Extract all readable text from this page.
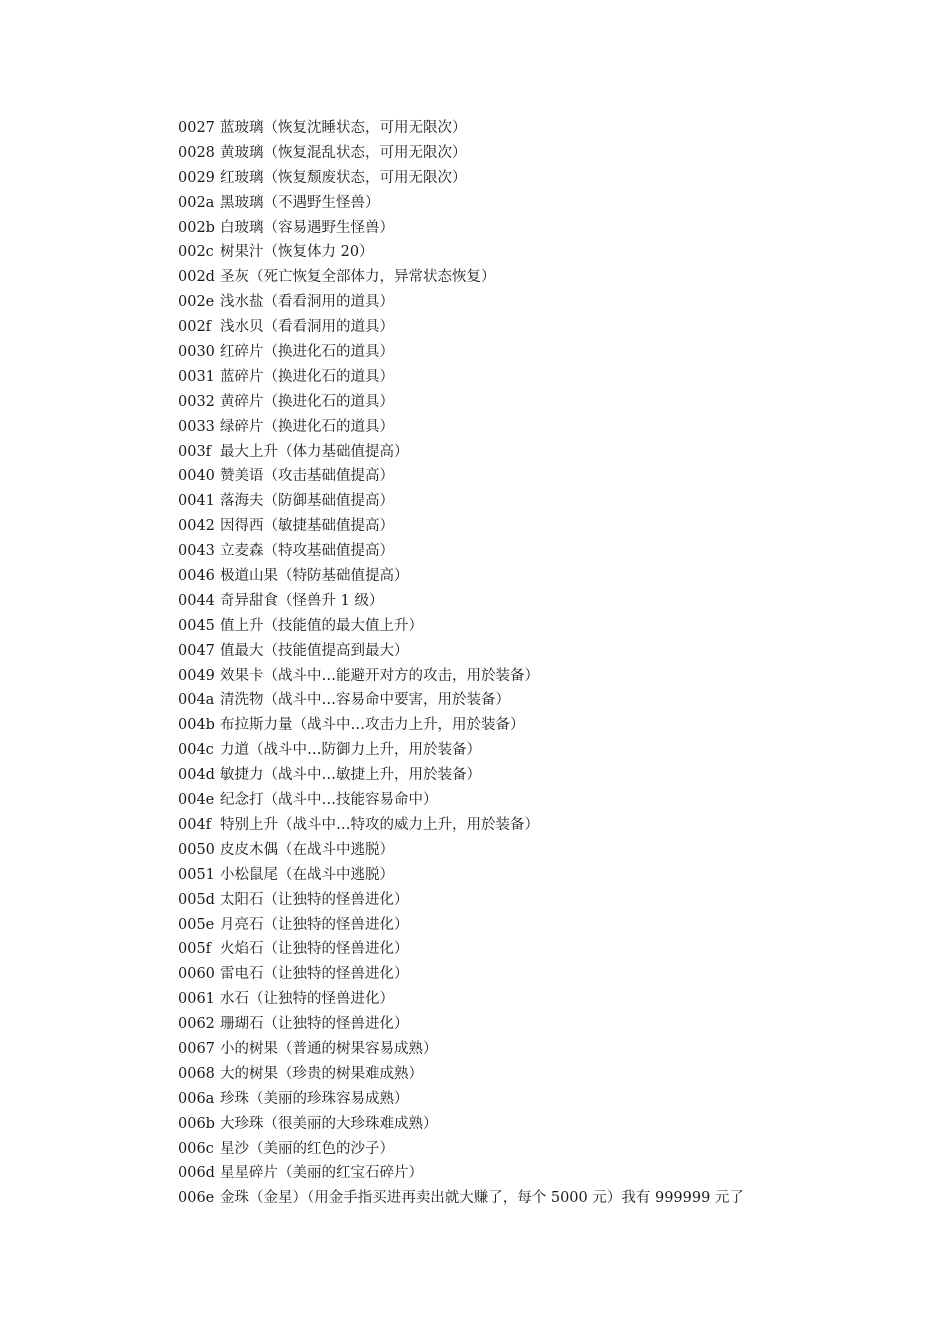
0027 蓝玻璃（恢复沈睡状态，可用无限次）
0028 黄玻璃（恢复混乱状态，可用无限次）
0029 红玻璃（恢复颓废状态，可用无限次）
002a 黑玻璃（不遇野生怪兽）
002b 白玻璃（容易遇野生怪兽）
002c 树果汁（恢复体力 20）
002d 圣灰（死亡恢复全部体力，异常状态恢复）
002e 浅水盐（看看洞用的道具）
002f 浅水贝（看看洞用的道具）
0030 红碎片（换进化石的道具）
0031 蓝碎片（换进化石的道具）
0032 黄碎片（换进化石的道具）
0033 绿碎片（换进化石的道具）
003f 最大上升（体力基础值提高）
0040 赞美语（攻击基础值提高）
0041 落海夫（防御基础值提高）
0042 因得西（敏捷基础值提高）
0043 立麦森（特攻基础值提高）
0046 极道山果（特防基础值提高）
0044 奇异甜食（怪兽升 1 级）
0045 值上升（技能值的最大值上升）
0047 值最大（技能值提高到最大）
0049 效果卡（战斗中…能避开对方的攻击，用於装备）
004a 清洗物（战斗中…容易命中要害，用於装备）
004b 布拉斯力量（战斗中…攻击力上升，用於装备）
004c 力道（战斗中…防御力上升，用於装备）
004d 敏捷力（战斗中…敏捷上升，用於装备）
004e 纪念打（战斗中…技能容易命中）
004f 特别上升（战斗中…特攻的威力上升，用於装备）
0050 皮皮木偶（在战斗中逃脱）
0051 小松鼠尾（在战斗中逃脱）
005d 太阳石（让独特的怪兽进化）
005e 月亮石（让独特的怪兽进化）
005f 火焰石（让独特的怪兽进化）
0060 雷电石（让独特的怪兽进化）
0061 水石（让独特的怪兽进化）
0062 珊瑚石（让独特的怪兽进化）
0067 小的树果（普通的树果容易成熟）
0068 大的树果（珍贵的树果难成熟）
006a 珍珠（美丽的珍珠容易成熟）
006b 大珍珠（很美丽的大珍珠难成熟）
006c 星沙（美丽的红色的沙子）
006d 星星碎片（美丽的红宝石碎片）
006e 金珠（金星）（用金手指买进再卖出就大赚了，每个 5000 元）我有 999999 元了
